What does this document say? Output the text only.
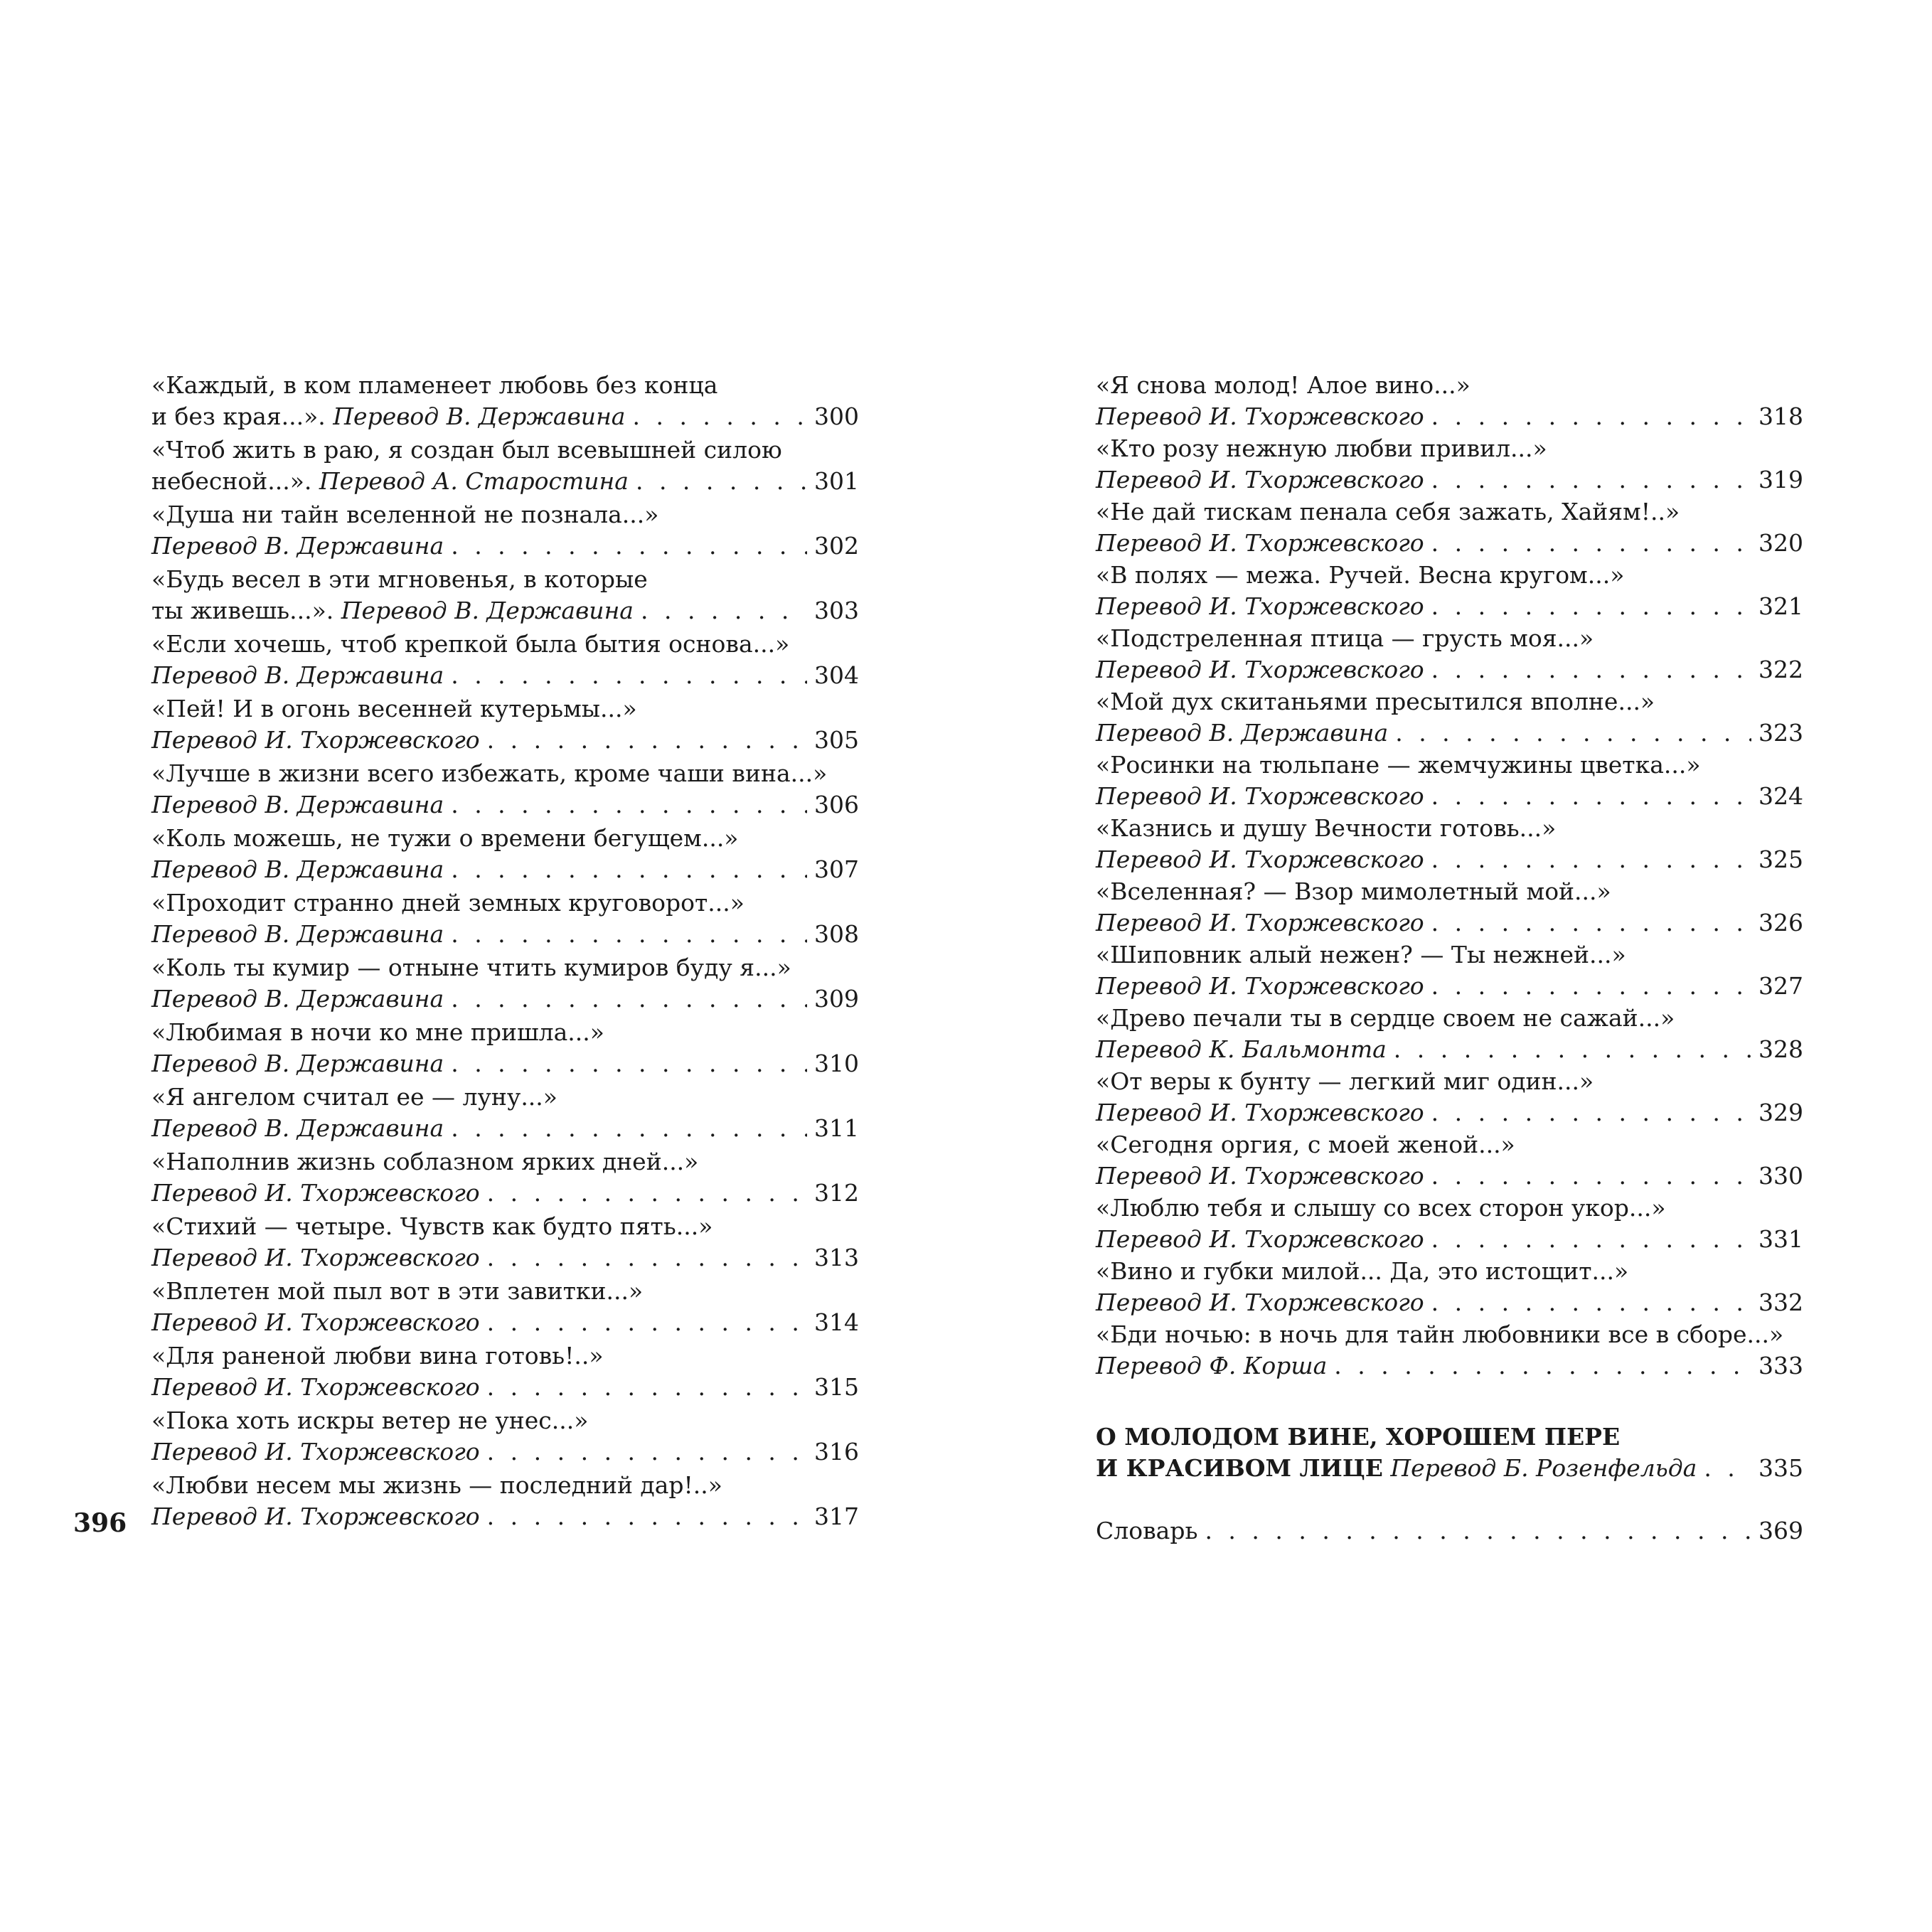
«Каждый, в ком пламенеет любовь без конца
и без края...». Перевод В. Державина . . .	300
«Чтоб жить в раю, я создан был всевышней силою
небесной...». Перевод А. Старостина . . .	301
«Душа ни тайн вселенной не познала...»
Перевод В. Державина . . .	302
«Будь весел в эти мгновенья, в которые
ты живешь...». Перевод В. Державина . . .	303
«Если хочешь, чтоб крепкой была бытия основа...»
Перевод В. Державина . . .	304
«Пей! И в огонь весенней кутерьмы...»
Перевод И. Тхоржевского . . .	305
«Лучше в жизни всего избежать, кроме чаши вина...»
Перевод В. Державина . . .	306
«Коль можешь, не тужи о времени бегущем...»
Перевод В. Державина . . .	307
«Проходит странно дней земных круговорот...»
Перевод В. Державина . . .	308
«Коль ты кумир — отныне чтить кумиров буду я...»
Перевод В. Державина . . .	309
«Любимая в ночи ко мне пришла...»
Перевод В. Державина . . .	310
«Я ангелом считал ее — луну...»
Перевод В. Державина . . .	311
«Наполнив жизнь соблазном ярких дней...»
Перевод И. Тхоржевского . . .	312
«Стихий — четыре. Чувств как будто пять...»
Перевод И. Тхоржевского . . .	313
«Вплетен мой пыл вот в эти завитки...»
Перевод И. Тхоржевского . . .	314
«Для раненой любви вина готовь!..»
Перевод И. Тхоржевского . . .	315
«Пока хоть искры ветер не унес...»
Перевод И. Тхоржевского . . .	316
«Любви несем мы жизнь — последний дар!..»
Перевод И. Тхоржевского . . .	317
«Я снова молод! Алое вино...»
Перевод И. Тхоржевского . . .	318
«Кто розу нежную любви привил...»
Перевод И. Тхоржевского . . .	319
«Не дай тискам пенала себя зажать, Хайям!..»
Перевод И. Тхоржевского . . .	320
«В полях — межа. Ручей. Весна кругом...»
Перевод И. Тхоржевского . . .	321
«Подстреленная птица — грусть моя...»
Перевод И. Тхоржевского . . .	322
«Мой дух скитаньями пресытился вполне...»
Перевод В. Державина . . .	323
«Росинки на тюльпане — жемчужины цветка...»
Перевод И. Тхоржевского . . .	324
«Казнись и душу Вечности готовь...»
Перевод И. Тхоржевского . . .	325
«Вселенная? — Взор мимолетный мой...»
Перевод И. Тхоржевского . . .	326
«Шиповник алый нежен? — Ты нежней...»
Перевод И. Тхоржевского . . .	327
«Древо печали ты в сердце своем не сажай...»
Перевод К. Бальмонта . . .	328
«От веры к бунту — легкий миг один...»
Перевод И. Тхоржевского . . .	329
«Сегодня оргия, с моей женой...»
Перевод И. Тхоржевского . . .	330
«Люблю тебя и слышу со всех сторон укор...»
Перевод И. Тхоржевского . . .	331
«Вино и губки милой... Да, это истощит...»
Перевод И. Тхоржевского . . .	332
«Бди ночью: в ночь для тайн любовники все в сборе...»
Перевод Ф. Корша . . .	333
О МОЛОДОМ ВИНЕ, ХОРОШЕМ ПЕРЕ
И КРАСИВОМ ЛИЦЕ Перевод Б. Розенфельда . . .	335
Словарь . . .	369
396
